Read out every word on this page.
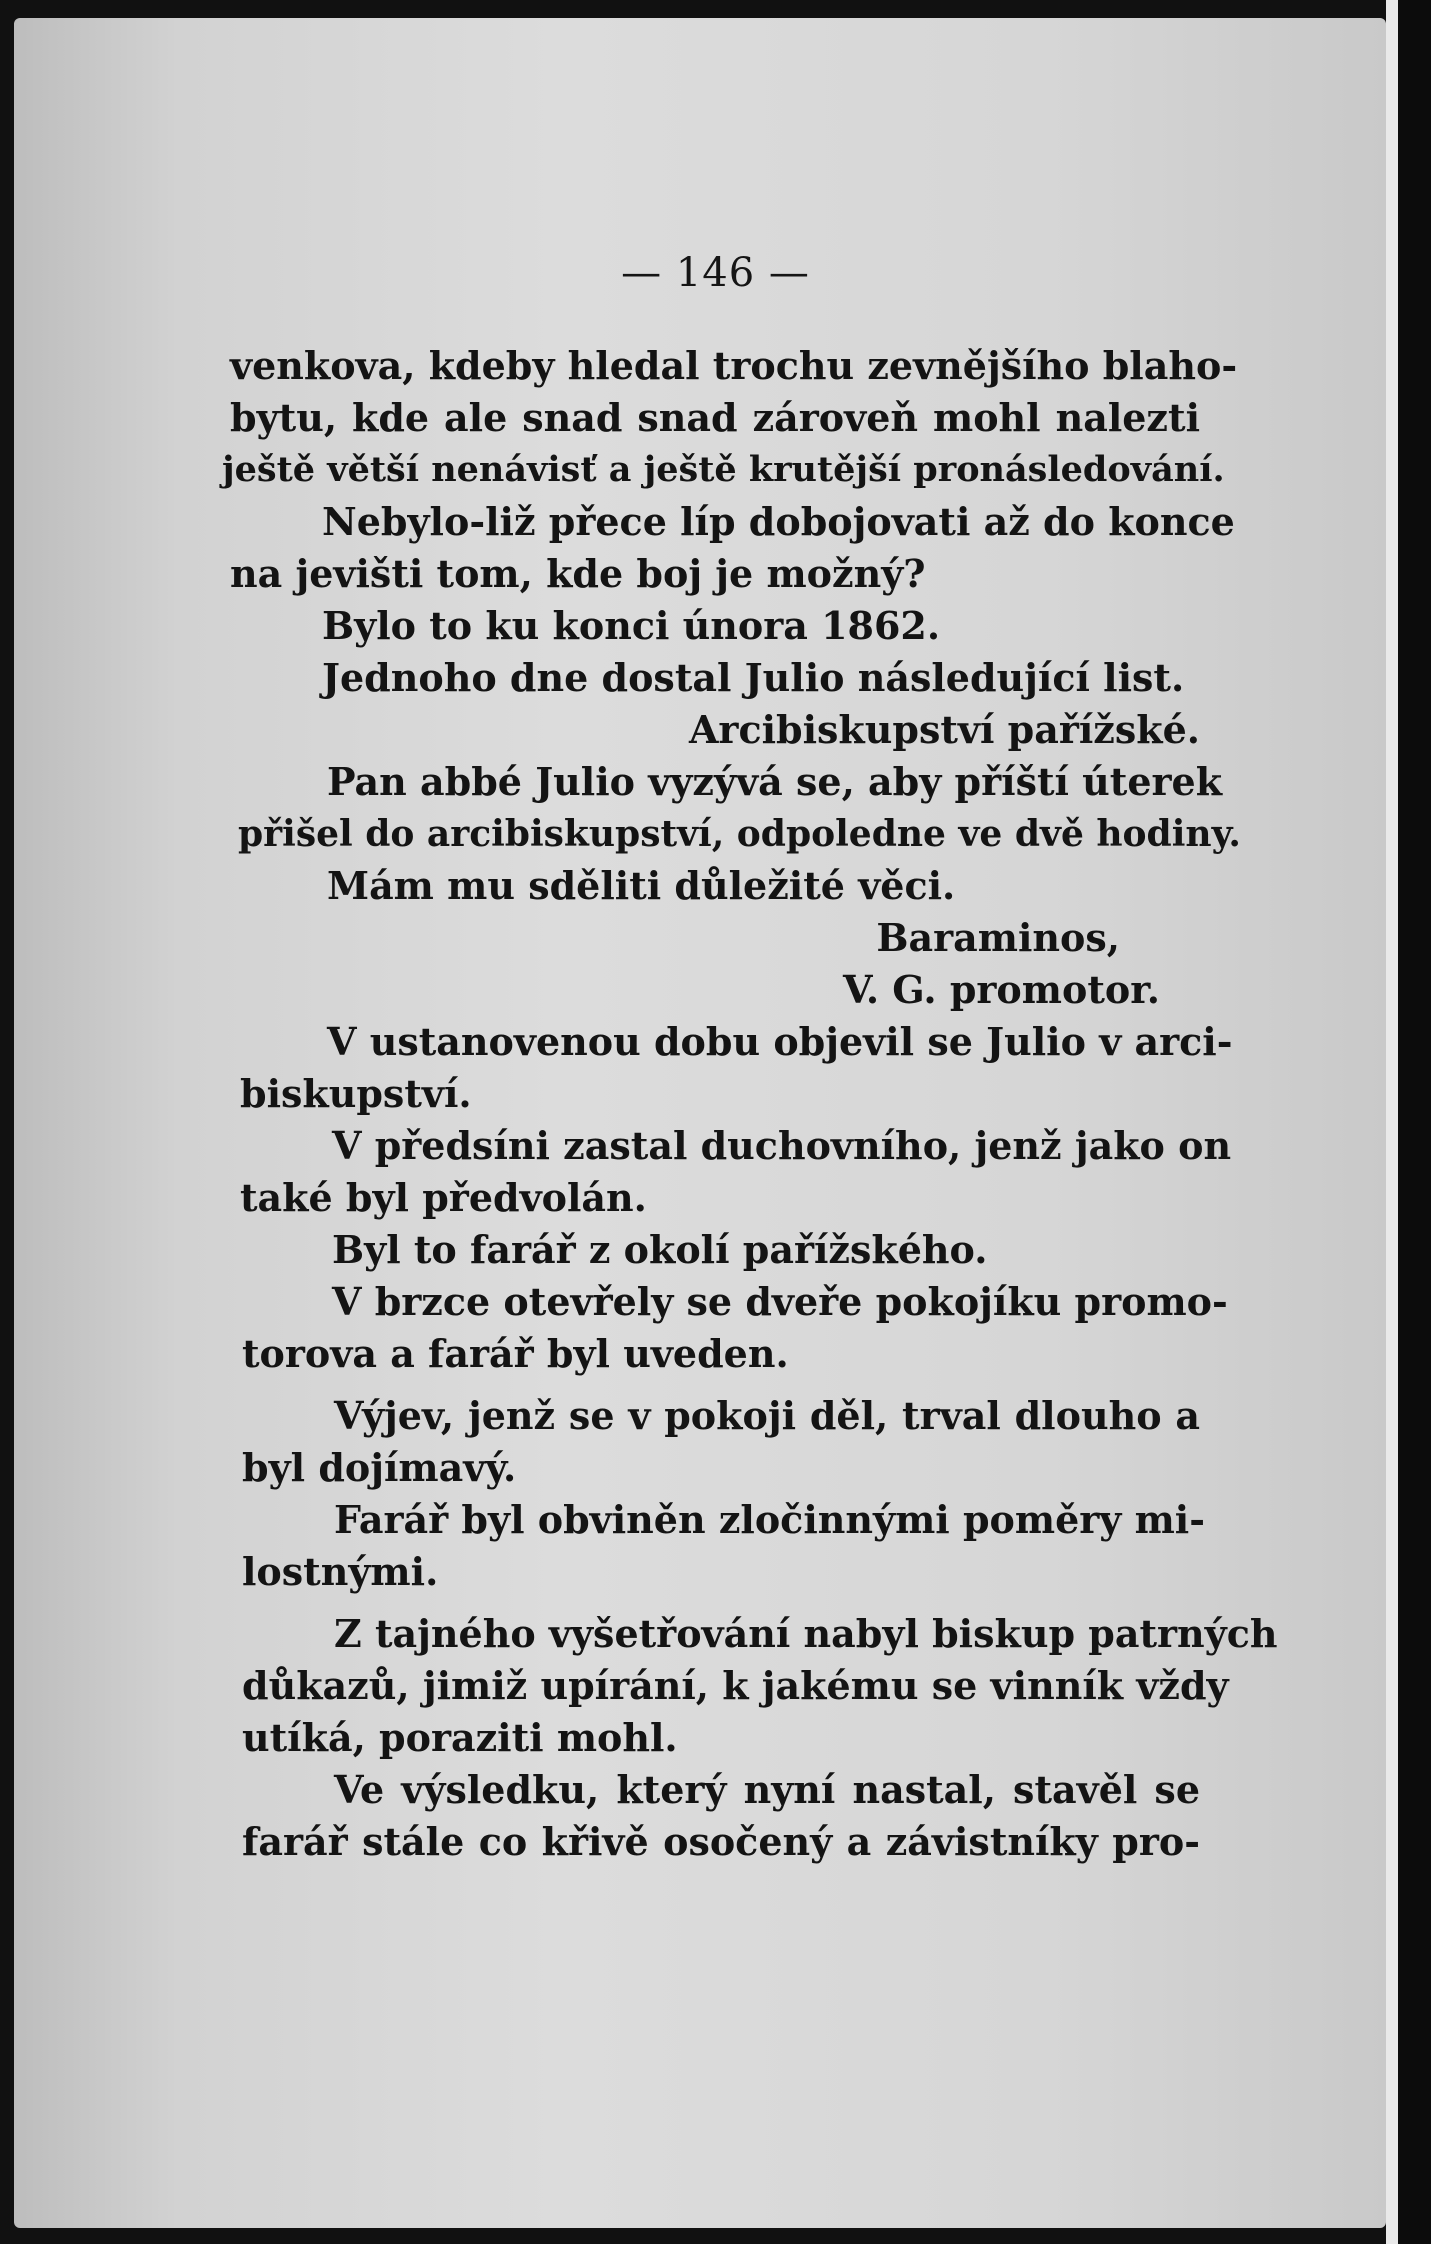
— 146 —
venkova, kdeby hledal trochu zevnějšího blaho-
bytu, kde ale snad snad zároveň mohl nalezti
ještě větší nenávisť a ještě krutější pronásledování.
Nebylo-liž přece líp dobojovati až do konce
na jevišti tom, kde boj je možný?
Bylo to ku konci února 1862.
Jednoho dne dostal Julio následující list.
Arcibiskupství pařížské.
Pan abbé Julio vyzývá se, aby příští úterek
přišel do arcibiskupství, odpoledne ve dvě hodiny.
Mám mu sděliti důležité věci.
Baraminos,
V. G. promotor.
V ustanovenou dobu objevil se Julio v arci-
biskupství.
V předsíni zastal duchovního, jenž jako on
také byl předvolán.
Byl to farář z okolí pařížského.
V brzce otevřely se dveře pokojíku promo-
torova a farář byl uveden.
Výjev, jenž se v pokoji děl, trval dlouho a
byl dojímavý.
Farář byl obviněn zločinnými poměry mi-
lostnými.
Z tajného vyšetřování nabyl biskup patrných
důkazů, jimiž upírání, k jakému se vinník vždy
utíká, poraziti mohl.
Ve výsledku, který nyní nastal, stavěl se
farář stále co křivě osočený a závistníky pro-
